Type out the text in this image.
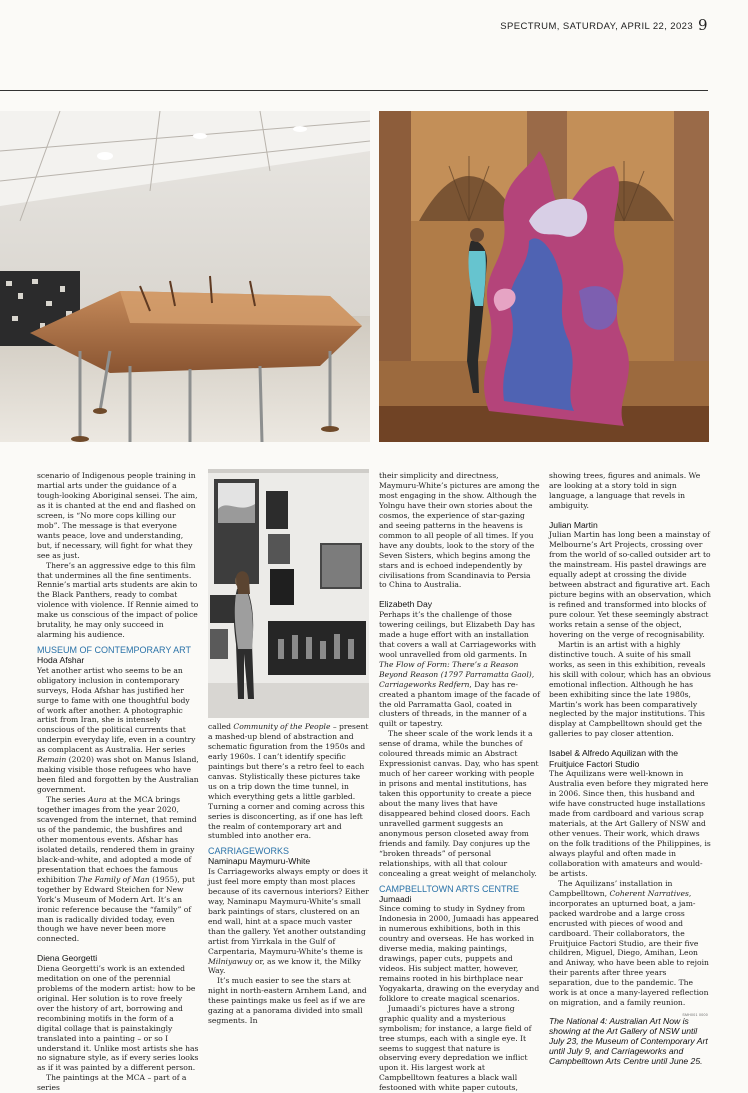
SPECTRUM, SATURDAY, APRIL 22, 2023 9

scenario of Indigenous people training in martial arts under the guidance of a tough-looking Aboriginal sensei. The aim, as it is chanted at the end and flashed on screen, is “No more cops killing our mob”. The message is that everyone wants peace, love and understanding, but, if necessary, will fight for what they see as just.

There’s an aggressive edge to this film that undermines all the fine sentiments. Rennie’s martial arts students are akin to the Black Panthers, ready to combat violence with violence. If Rennie aimed to make us conscious of the impact of police brutality, he may only succeed in alarming his audience.

MUSEUM OF CONTEMPORARY ART
Hoda Afshar

Yet another artist who seems to be an obligatory inclusion in contemporary surveys, Hoda Afshar has justified her surge to fame with one thoughtful body of work after another. A photographic artist from Iran, she is intensely conscious of the political currents that underpin everyday life, even in a country as complacent as Australia. Her series Remain (2020) was shot on Manus Island, making visible those refugees who have been filed and forgotten by the Australian government.

The series Aura at the MCA brings together images from the year 2020, scavenged from the internet, that remind us of the pandemic, the bushfires and other momentous events. Afshar has isolated details, rendered them in grainy black-and-white, and adopted a mode of presentation that echoes the famous exhibition The Family of Man (1955), put together by Edward Steichen for New York’s Museum of Modern Art. It’s an ironic reference because the “family” of man is radically divided today, even though we have never been more connected.

Diena Georgetti

Diena Georgetti’s work is an extended meditation on one of the perennial problems of the modern artist: how to be original. Her solution is to rove freely over the history of art, borrowing and recombining motifs in the form of a digital collage that is painstakingly translated into a painting – or so I understand it. Unlike most artists she has no signature style, as if every series looks as if it was painted by a different person.

The paintings at the MCA – part of a series

called Community of the People – present a mashed-up blend of abstraction and schematic figuration from the 1950s and early 1960s. I can’t identify specific paintings but there’s a retro feel to each canvas. Stylistically these pictures take us on a trip down the time tunnel, in which everything gets a little garbled. Turning a corner and coming across this series is disconcerting, as if one has left the realm of contemporary art and stumbled into another era.

CARRIAGEWORKS
Naminapu Maymuru-White

Is Carriageworks always empty or does it just feel more empty than most places because of its cavernous interiors? Either way, Naminapu Maymuru-White’s small bark paintings of stars, clustered on an end wall, hint at a space much vaster than the gallery. Yet another outstanding artist from Yirrkala in the Gulf of Carpentaria, Maymuru-White’s theme is Milniyawuy or, as we know it, the Milky Way.

It’s much easier to see the stars at night in north-eastern Arnhem Land, and these paintings make us feel as if we are gazing at a panorama divided into small segments. In

their simplicity and directness, Maymuru-White’s pictures are among the most engaging in the show. Although the Yolngu have their own stories about the cosmos, the experience of star-gazing and seeing patterns in the heavens is common to all people of all times. If you have any doubts, look to the story of the Seven Sisters, which begins among the stars and is echoed independently by civilisations from Scandinavia to Persia to China to Australia.

Elizabeth Day

Perhaps it’s the challenge of those towering ceilings, but Elizabeth Day has made a huge effort with an installation that covers a wall at Carriageworks with wool unravelled from old garments. In The Flow of Form: There’s a Reason Beyond Reason (1797 Parramatta Gaol), Carriageworks Redfern, Day has re-created a phantom image of the facade of the old Parramatta Gaol, coated in clusters of threads, in the manner of a quilt or tapestry.

The sheer scale of the work lends it a sense of drama, while the bunches of coloured threads mimic an Abstract Expressionist canvas. Day, who has spent much of her career working with people in prisons and mental institutions, has taken this opportunity to create a piece about the many lives that have disappeared behind closed doors. Each unravelled garment suggests an anonymous person closeted away from friends and family. Day conjures up the “broken threads” of personal relationships, with all that colour concealing a great weight of melancholy.

CAMPBELLTOWN ARTS CENTRE
Jumaadi

Since coming to study in Sydney from Indonesia in 2000, Jumaadi has appeared in numerous exhibitions, both in this country and overseas. He has worked in diverse media, making paintings, drawings, paper cuts, puppets and videos. His subject matter, however, remains rooted in his birthplace near Yogyakarta, drawing on the everyday and folklore to create magical scenarios.

Jumaadi’s pictures have a strong graphic quality and a mysterious symbolism; for instance, a large field of tree stumps, each with a single eye. It seems to suggest that nature is observing every depredation we inflict upon it. His largest work at Campbelltown features a black wall festooned with white paper cutouts,

showing trees, figures and animals. We are looking at a story told in sign language, a language that revels in ambiguity.

Julian Martin

Julian Martin has long been a mainstay of Melbourne’s Art Projects, crossing over from the world of so-called outsider art to the mainstream. His pastel drawings are equally adept at crossing the divide between abstract and figurative art. Each picture begins with an observation, which is refined and transformed into blocks of pure colour. Yet these seemingly abstract works retain a sense of the object, hovering on the verge of recognisability.

Martin is an artist with a highly distinctive touch. A suite of his small works, as seen in this exhibition, reveals his skill with colour, which has an obvious emotional inflection. Although he has been exhibiting since the late 1980s, Martin’s work has been comparatively neglected by the major institutions. This display at Campbelltown should get the galleries to pay closer attention.

Isabel & Alfredo Aquilizan with the
Fruitjuice Factori Studio

The Aquilizans were well-known in Australia even before they migrated here in 2006. Since then, this husband and wife have constructed huge installations made from cardboard and various scrap materials, at the Art Gallery of NSW and other venues. Their work, which draws on the folk traditions of the Philippines, is always playful and often made in collaboration with amateurs and would-be artists.

The Aquilizans’ installation in Campbelltown, Coherent Narratives, incorporates an upturned boat, a jam-packed wardrobe and a large cross encrusted with pieces of wood and cardboard. Their collaborators, the Fruitjuice Factori Studio, are their five children, Miguel, Diego, Amihan, Leon and Aniway, who have been able to rejoin their parents after three years separation, due to the pandemic. The work is at once a many-layered reflection on migration, and a family reunion.

The National 4: Australian Art Now is showing at the Art Gallery of NSW until July 23, the Museum of Contemporary Art until July 9, and Carriageworks and Campbelltown Arts Centre until June 25.
SMH001 0000
